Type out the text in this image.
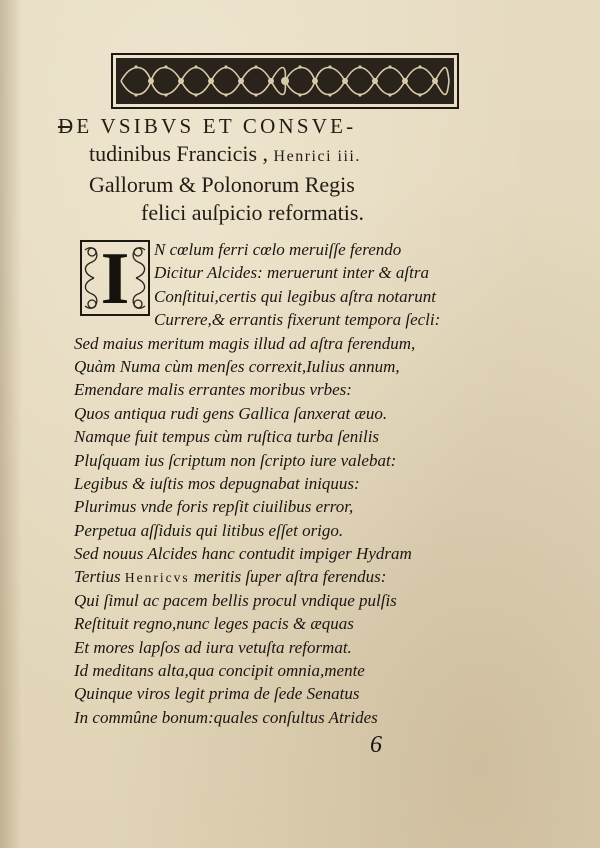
DE VSIBVS ET CONSVE-
tudinibus Francicis , Henrici iii.
Gallorum & Polonorum Regis
felici auſpicio reformatis.
I	N cœlum ferri cœlo meruiſſe ferendo
Dicitur Alcides: meruerunt inter & aſtra
Conſtitui,certis qui legibus aſtra notarunt
Currere,& errantis fixerunt tempora ſecli:
Sed maius meritum magis illud ad aſtra ferendum,
Quàm Numa cùm menſes correxit,Iulius annum,
Emendare malis errantes moribus vrbes:
Quos antiqua rudi gens Gallica ſanxerat æuo.
Namque fuit tempus cùm ruſtica turba ſenilis
Pluſquam ius ſcriptum non ſcripto iure valebat:
Legibus & iuſtis mos depugnabat iniquus:
Plurimus vnde foris repſit ciuilibus error,
Perpetua aſſiduis qui litibus eſſet origo.
Sed nouus Alcides hanc contudit impiger Hydram
Tertius Henricvs meritis ſuper aſtra ferendus:
Qui ſimul ac pacem bellis procul vndique pulſis
Reſtituit regno,nunc leges pacis & æquas
Et mores lapſos ad iura vetuſta reformat.
Id meditans alta,qua concipit omnia,mente
Quinque viros legit prima de ſede Senatus
In commûne bonum:quales conſultus Atrides
6
